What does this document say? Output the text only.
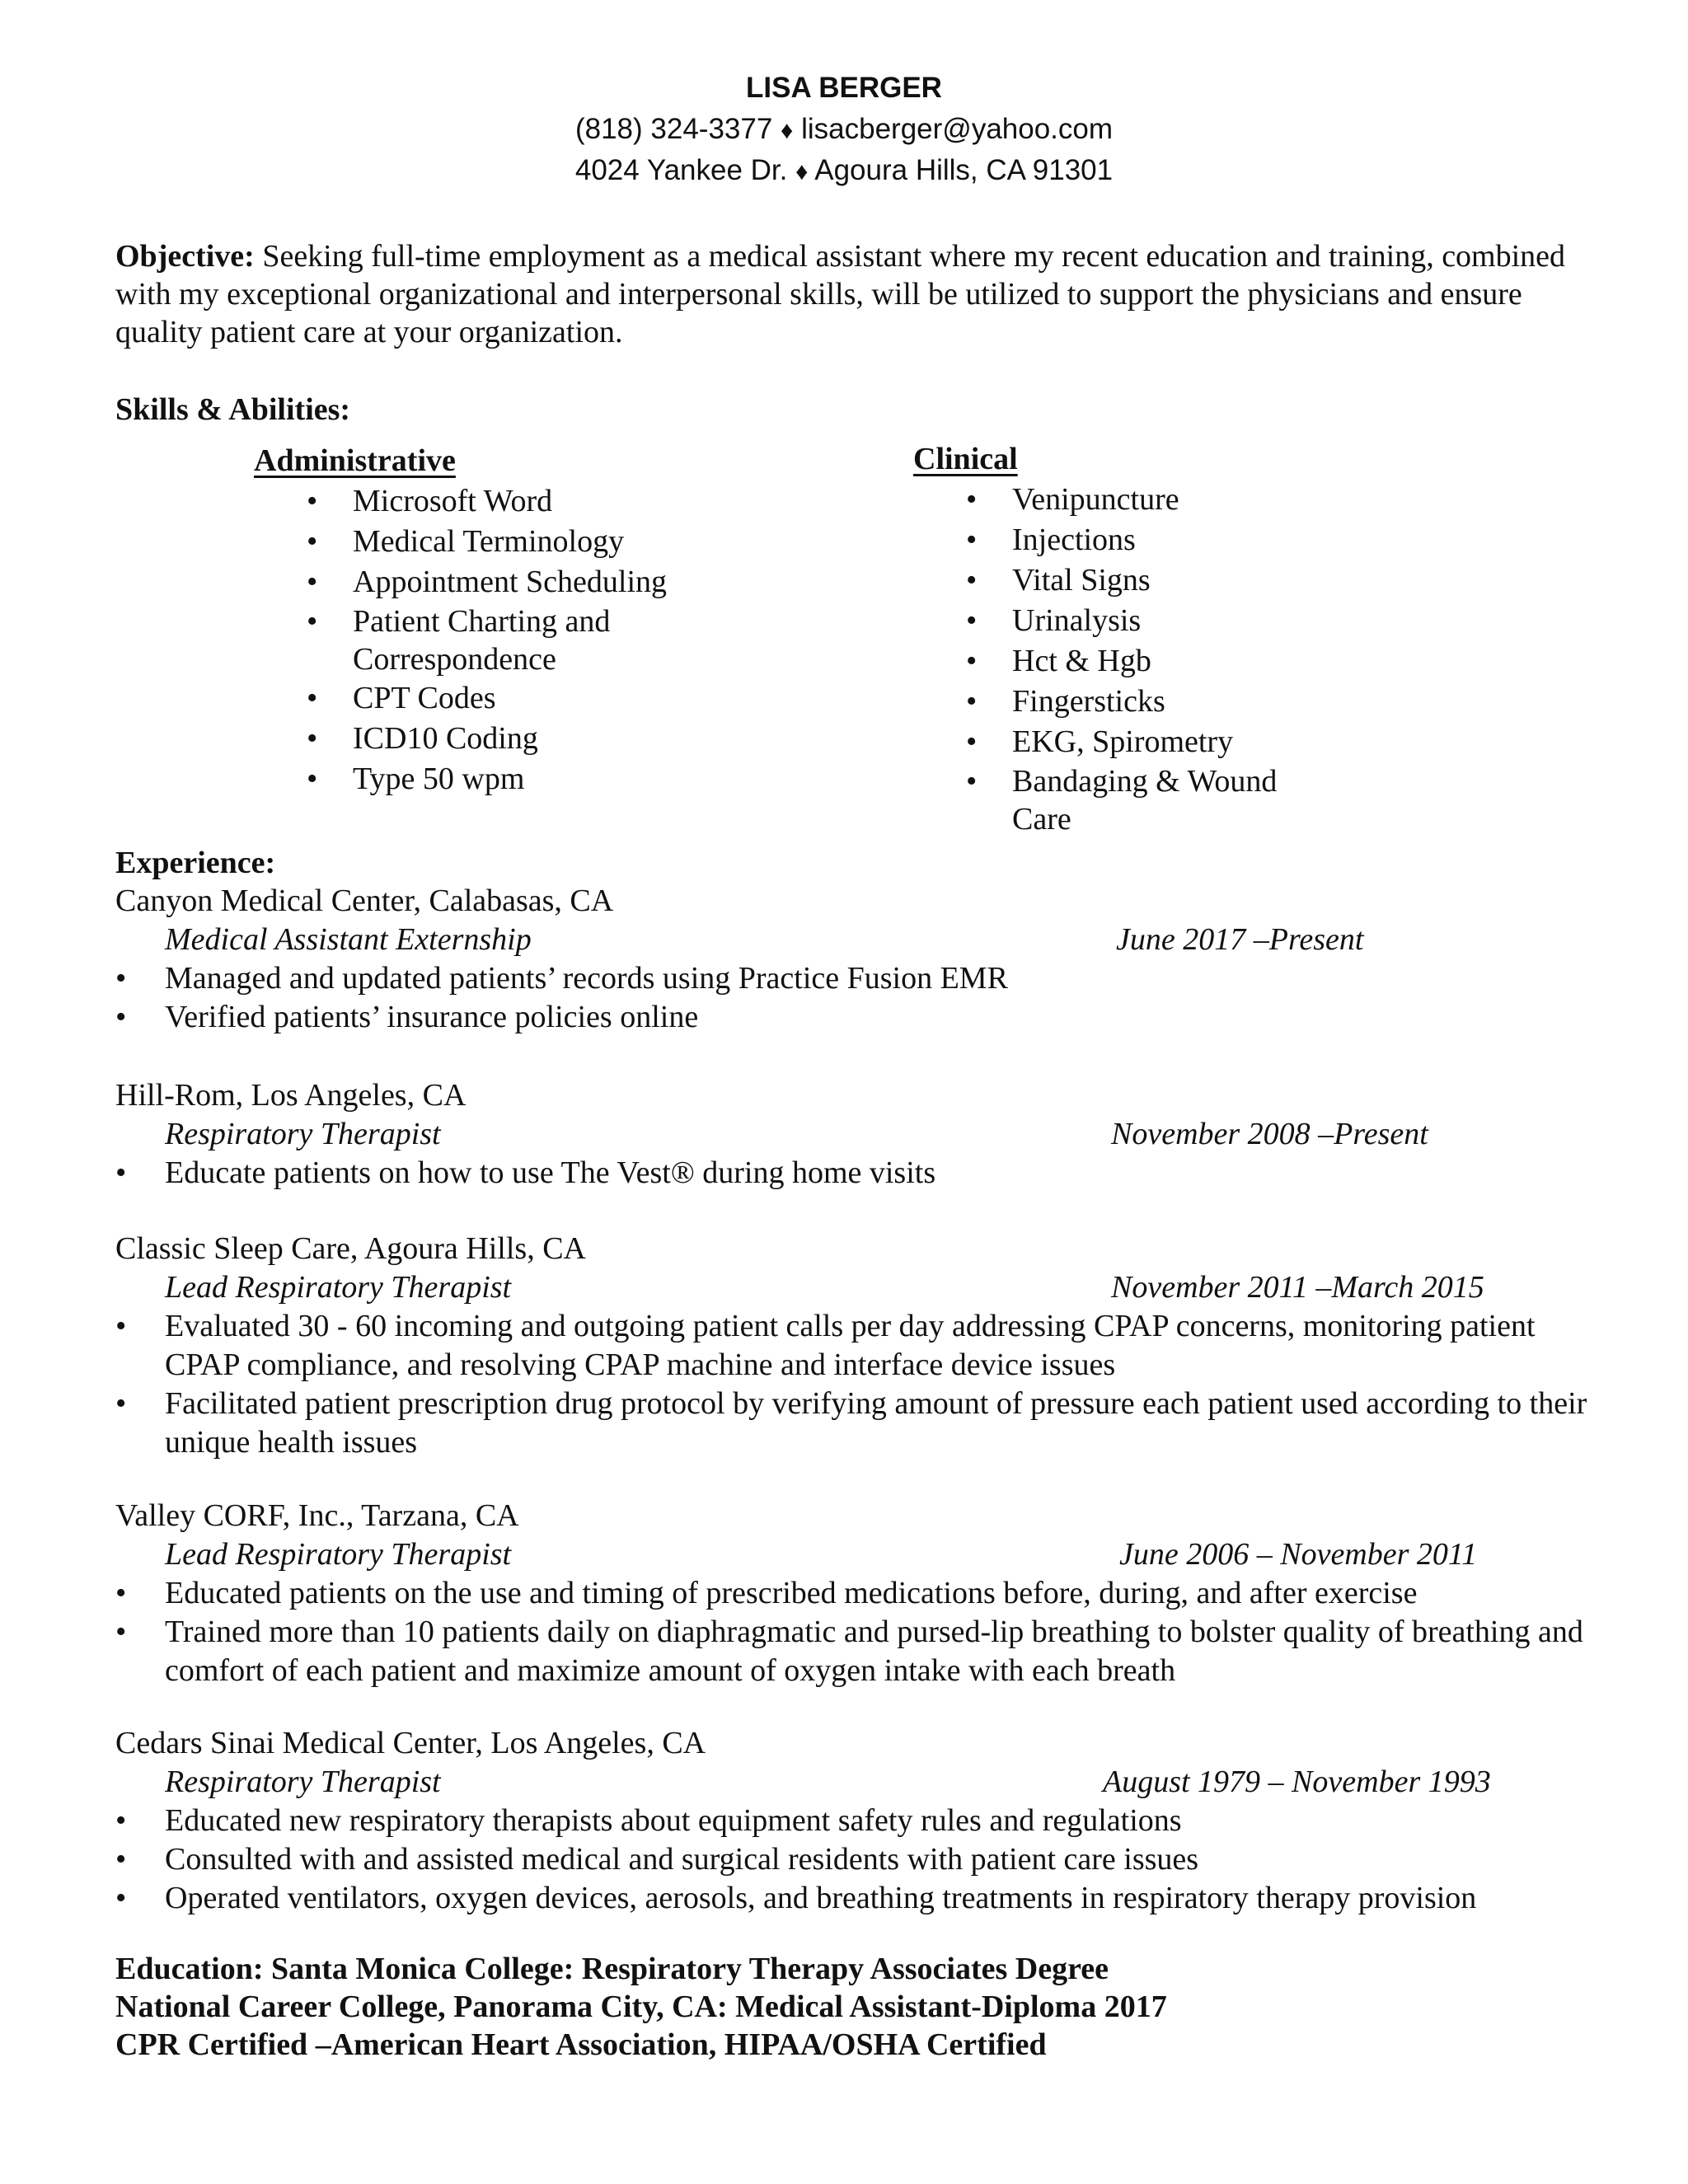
LISA BERGER
(818) 324-3377 ♦ lisacberger@yahoo.com
4024 Yankee Dr. ♦ Agoura Hills, CA 91301
Objective: Seeking full-time employment as a medical assistant where my recent education and training, combined with my exceptional organizational and interpersonal skills, will be utilized to support the physicians and ensure quality patient care at your organization.
Skills & Abilities:
Administrative
• Microsoft Word
• Medical Terminology
• Appointment Scheduling
• Patient Charting and Correspondence
• CPT Codes
• ICD10 Coding
• Type 50 wpm
Clinical
• Venipuncture
• Injections
• Vital Signs
• Urinalysis
• Hct & Hgb
• Fingersticks
• EKG, Spirometry
• Bandaging & Wound Care
Experience:
Canyon Medical Center, Calabasas, CA
Medical Assistant Externship	June 2017 –Present
• Managed and updated patients’ records using Practice Fusion EMR
• Verified patients’ insurance policies online
Hill-Rom, Los Angeles, CA
Respiratory Therapist	November 2008 –Present
• Educate patients on how to use The Vest® during home visits
Classic Sleep Care, Agoura Hills, CA
Lead Respiratory Therapist	November 2011 –March 2015
• Evaluated 30 - 60 incoming and outgoing patient calls per day addressing CPAP concerns, monitoring patient CPAP compliance, and resolving CPAP machine and interface device issues
• Facilitated patient prescription drug protocol by verifying amount of pressure each patient used according to their unique health issues
Valley CORF, Inc., Tarzana, CA
Lead Respiratory Therapist	June 2006 – November 2011
• Educated patients on the use and timing of prescribed medications before, during, and after exercise
• Trained more than 10 patients daily on diaphragmatic and pursed-lip breathing to bolster quality of breathing and comfort of each patient and maximize amount of oxygen intake with each breath
Cedars Sinai Medical Center, Los Angeles, CA
Respiratory Therapist	August 1979 – November 1993
• Educated new respiratory therapists about equipment safety rules and regulations
• Consulted with and assisted medical and surgical residents with patient care issues
• Operated ventilators, oxygen devices, aerosols, and breathing treatments in respiratory therapy provision
Education: Santa Monica College: Respiratory Therapy Associates Degree
National Career College, Panorama City, CA: Medical Assistant-Diploma 2017
CPR Certified –American Heart Association, HIPAA/OSHA Certified
